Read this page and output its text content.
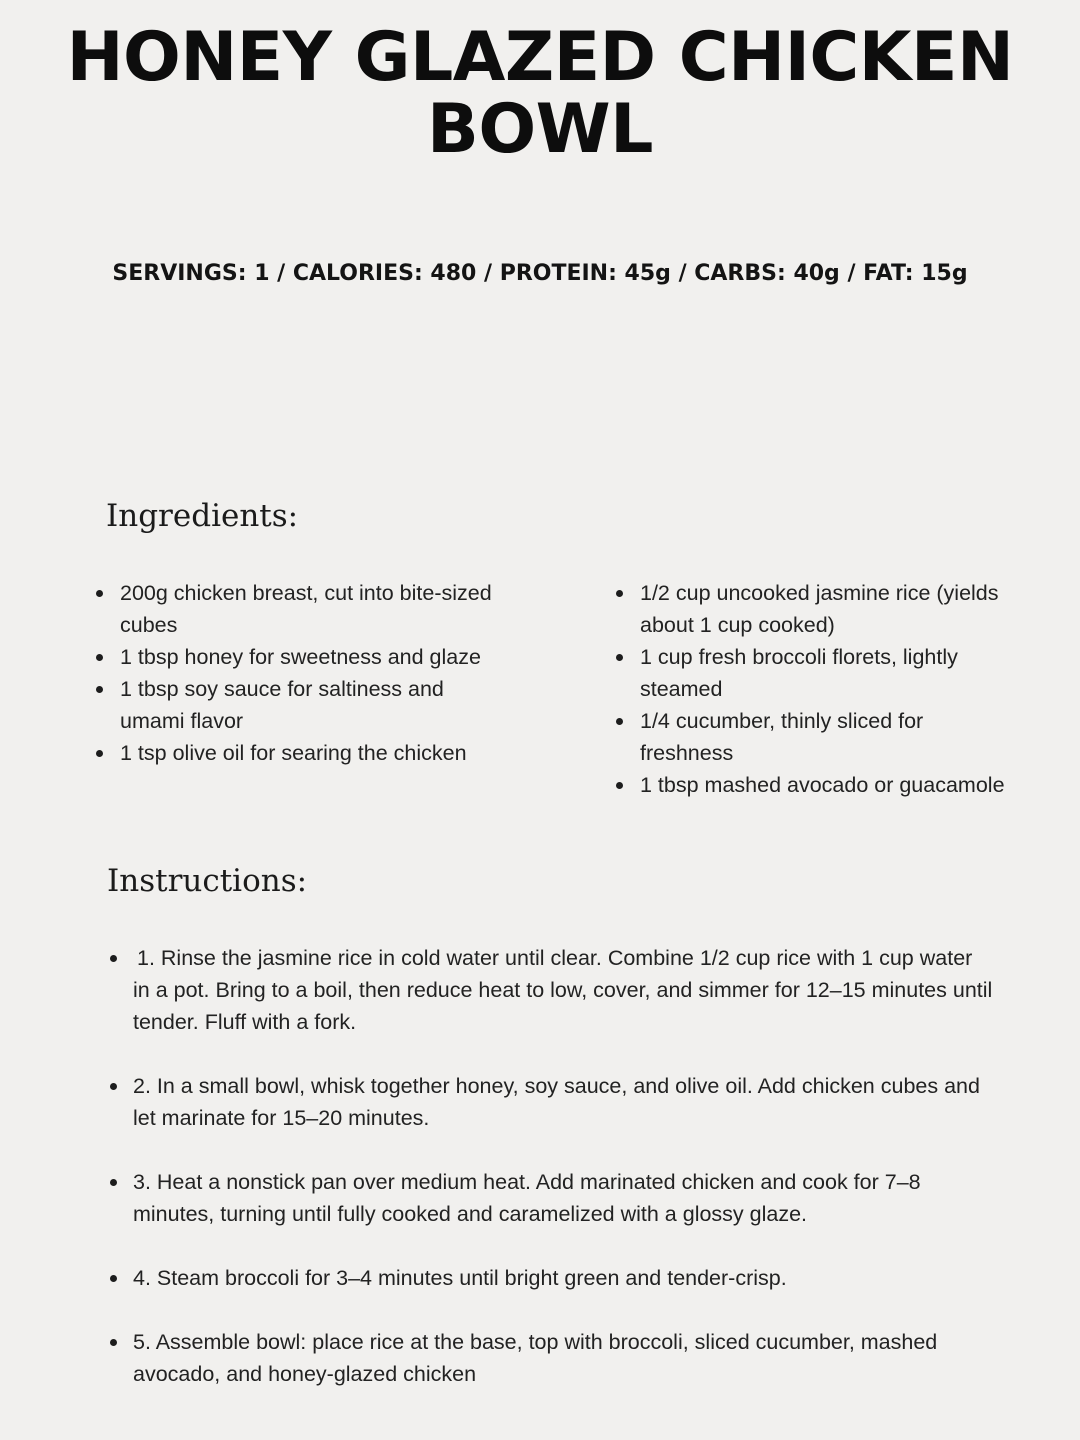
HONEY GLAZED CHICKEN
BOWL
SERVINGS: 1 / CALORIES: 480 / PROTEIN: 45g / CARBS: 40g / FAT: 15g
Ingredients:
200g chicken breast, cut into bite-sized cubes
1 tbsp honey for sweetness and glaze
1 tbsp soy sauce for saltiness and umami flavor
1 tsp olive oil for searing the chicken
1/2 cup uncooked jasmine rice (yields about 1 cup cooked)
1 cup fresh broccoli florets, lightly steamed
1/4 cucumber, thinly sliced for freshness
1 tbsp mashed avocado or guacamole
Instructions:
1. Rinse the jasmine rice in cold water until clear. Combine 1/2 cup rice with 1 cup water in a pot. Bring to a boil, then reduce heat to low, cover, and simmer for 12–15 minutes until tender. Fluff with a fork.
2. In a small bowl, whisk together honey, soy sauce, and olive oil. Add chicken cubes and let marinate for 15–20 minutes.
3. Heat a nonstick pan over medium heat. Add marinated chicken and cook for 7–8 minutes, turning until fully cooked and caramelized with a glossy glaze.
4. Steam broccoli for 3–4 minutes until bright green and tender-crisp.
5. Assemble bowl: place rice at the base, top with broccoli, sliced cucumber, mashed avocado, and honey-glazed chicken
